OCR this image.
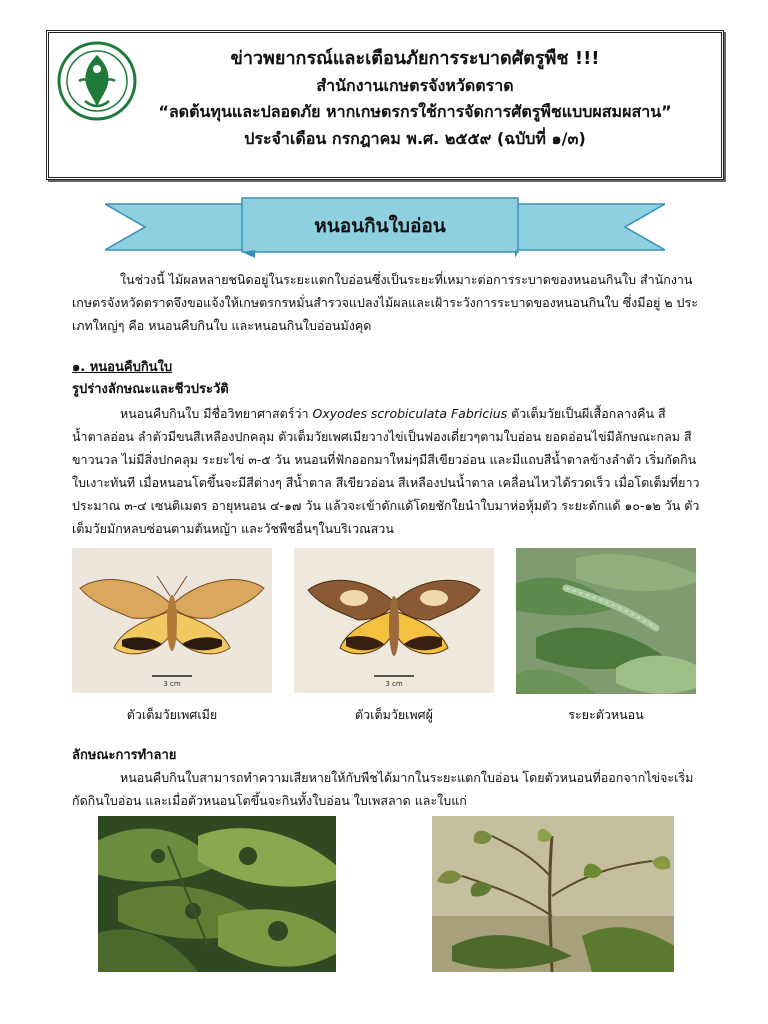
ข่าวพยากรณ์และเตือนภัยการระบาดศัตรูพืช !!!
สำนักงานเกษตรจังหวัดตราด
“ลดต้นทุนและปลอดภัย หากเกษตรกรใช้การจัดการศัตรูพืชแบบผสมผสาน”
ประจำเดือน กรกฎาคม พ.ศ. ๒๕๕๙ (ฉบับที่ ๑/๓)
หนอนกินใบอ่อน
ในช่วงนี้ ไม้ผลหลายชนิดอยู่ในระยะแตกใบอ่อนซึ่งเป็นระยะที่เหมาะต่อการระบาดของหนอนกินใบ สำนักงานเกษตรจังหวัดตราดจึงขอแจ้งให้เกษตรกรหมั่นสำรวจแปลงไม้ผลและเฝ้าระวังการระบาดของหนอนกินใบ ซึ่งมีอยู่ ๒ ประเภทใหญ่ๆ คือ หนอนคืบกินใบ และหนอนกินใบอ่อนมังคุด
๑. หนอนคืบกินใบ
รูปร่างลักษณะและชีวประวัติ
หนอนคืบกินใบ มีชื่อวิทยาศาสตร์ว่า Oxyodes scrobiculata Fabricius ตัวเต็มวัยเป็นผีเสื้อกลางคืน สีน้ำตาลอ่อน ลำตัวมีขนสีเหลืองปกคลุม ตัวเต็มวัยเพศเมียวางไข่เป็นฟองเดี่ยวๆตามใบอ่อน ยอดอ่อนไข่มีลักษณะกลม สีขาวนวล ไม่มีสิ่งปกคลุม ระยะไข่ ๓-๕ วัน หนอนที่ฟักออกมาใหม่ๆมีสีเขียวอ่อน และมีแถบสีน้ำตาลข้างลำตัว เริ่มกัดกินใบเงาะทันที เมื่อหนอนโตขึ้นจะมีสีต่างๆ สีน้ำตาล สีเขียวอ่อน สีเหลืองปนน้ำตาล เคลื่อนไหวได้รวดเร็ว เมื่อโตเต็มที่ยาวประมาณ ๓-๔ เซนติเมตร อายุหนอน ๔-๑๗ วัน แล้วจะเข้าดักแด้โดยชักใยนำใบมาห่อหุ้มตัว ระยะดักแด้ ๑๐-๑๒ วัน ตัวเต็มวัยมักหลบซ่อนตามต้นหญ้า และวัชพืชอื่นๆในบริเวณสวน
3 cm	3 cm
ตัวเต็มวัยเพศเมีย	ตัวเต็มวัยเพศผู้	ระยะตัวหนอน
ลักษณะการทำลาย
หนอนคืบกินใบสามารถทำความเสียหายให้กับพืชได้มากในระยะแตกใบอ่อน โดยตัวหนอนที่ออกจากไข่จะเริ่มกัดกินใบอ่อน และเมื่อตัวหนอนโตขึ้นจะกินทั้งใบอ่อน ใบเพสลาด และใบแก่
